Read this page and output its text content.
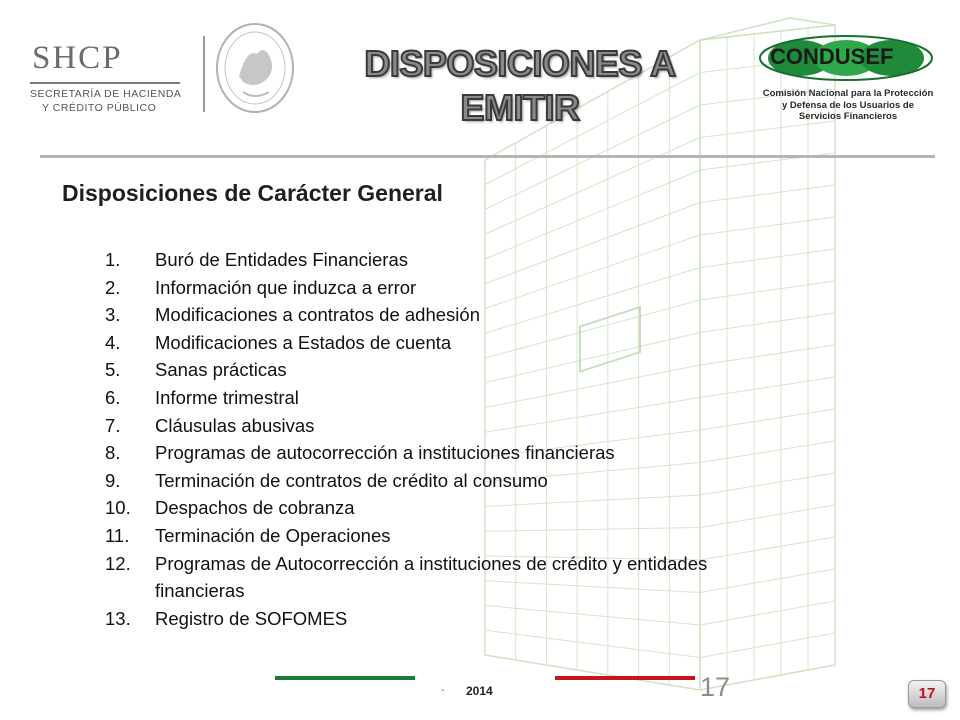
SHCP
SECRETARÍA DE HACIENDA
Y CRÉDITO PÚBLICO
DISPOSICIONES A
EMITIR
CONDUSEF
Comisión Nacional para la Protección
y Defensa de los Usuarios de
Servicios Financieros
Disposiciones de Carácter General
1.	Buró de Entidades Financieras
2.	Información que induzca a error
3.	Modificaciones a contratos de adhesión
4.	Modificaciones a Estados de cuenta
5.	Sanas prácticas
6.	Informe trimestral
7.	Cláusulas abusivas
8.	Programas de autocorrección a instituciones financieras
9.	Terminación de contratos de crédito al consumo
10.	Despachos de cobranza
11.	Terminación de Operaciones
12.	Programas de Autocorrección a instituciones de crédito y entidades financieras
13.	Registro de SOFOMES
- 2014	17	17
